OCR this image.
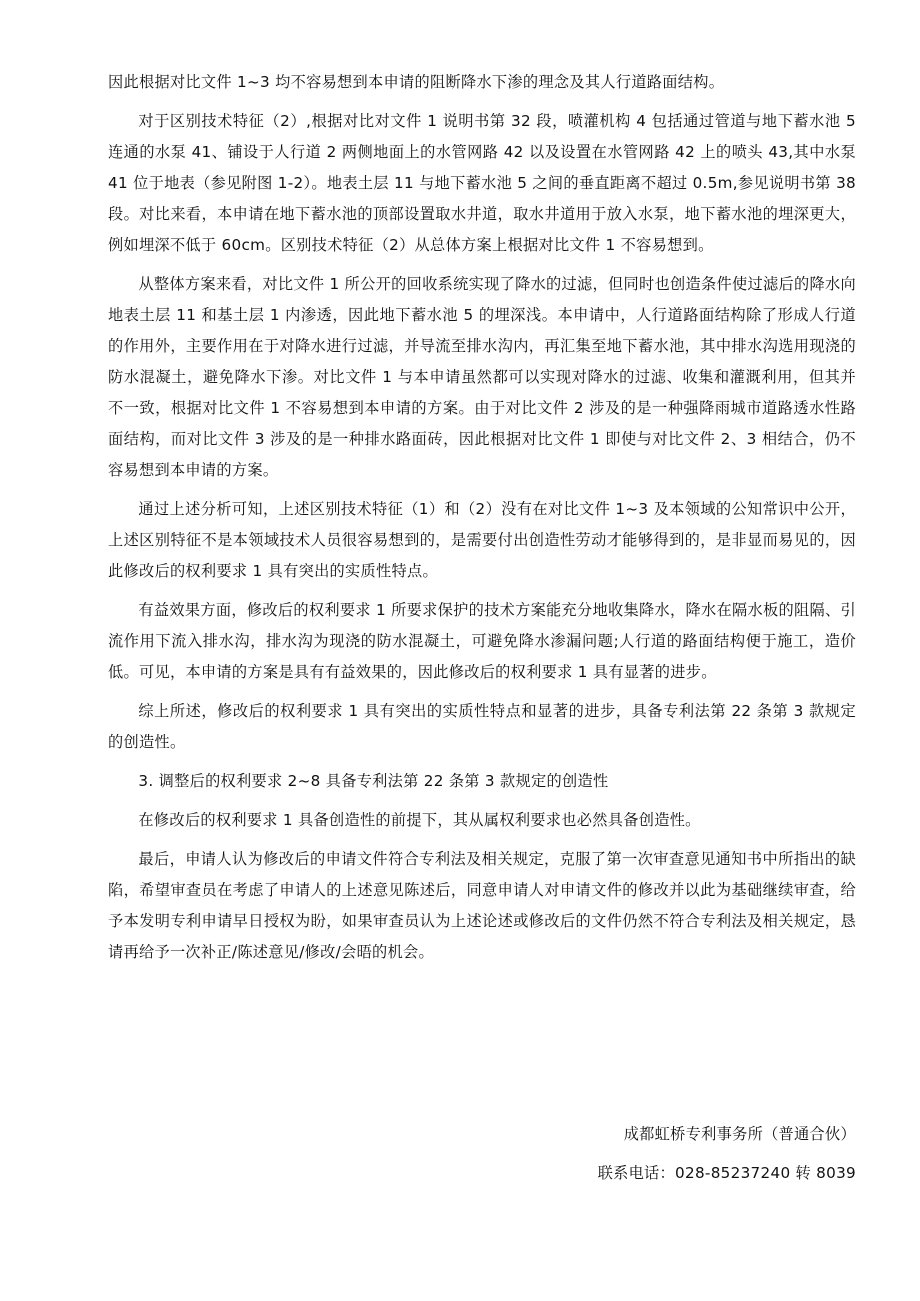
因此根据对比文件 1~3 均不容易想到本申请的阻断降水下渗的理念及其人行道路面结构。

对于区别技术特征（2）,根据对比对文件 1 说明书第 32 段，喷灌机构 4 包括通过管道与地下蓄水池 5 连通的水泵 41、铺设于人行道 2 两侧地面上的水管网路 42 以及设置在水管网路 42 上的喷头 43,其中水泵 41 位于地表（参见附图 1-2）。地表土层 11 与地下蓄水池 5 之间的垂直距离不超过 0.5m,参见说明书第 38 段。对比来看，本申请在地下蓄水池的顶部设置取水井道，取水井道用于放入水泵，地下蓄水池的埋深更大，例如埋深不低于 60cm。区别技术特征（2）从总体方案上根据对比文件 1 不容易想到。

从整体方案来看，对比文件 1 所公开的回收系统实现了降水的过滤，但同时也创造条件使过滤后的降水向地表土层 11 和基土层 1 内渗透，因此地下蓄水池 5 的埋深浅。本申请中，人行道路面结构除了形成人行道的作用外，主要作用在于对降水进行过滤，并导流至排水沟内，再汇集至地下蓄水池，其中排水沟选用现浇的防水混凝土，避免降水下渗。对比文件 1 与本申请虽然都可以实现对降水的过滤、收集和灌溉利用，但其并不一致，根据对比文件 1 不容易想到本申请的方案。由于对比文件 2 涉及的是一种强降雨城市道路透水性路面结构，而对比文件 3 涉及的是一种排水路面砖，因此根据对比文件 1 即使与对比文件 2、3 相结合，仍不容易想到本申请的方案。

通过上述分析可知，上述区别技术特征（1）和（2）没有在对比文件 1~3 及本领域的公知常识中公开，上述区别特征不是本领域技术人员很容易想到的，是需要付出创造性劳动才能够得到的，是非显而易见的，因此修改后的权利要求 1 具有突出的实质性特点。

有益效果方面，修改后的权利要求 1 所要求保护的技术方案能充分地收集降水，降水在隔水板的阻隔、引流作用下流入排水沟，排水沟为现浇的防水混凝土，可避免降水渗漏问题;人行道的路面结构便于施工，造价低。可见，本申请的方案是具有有益效果的，因此修改后的权利要求 1 具有显著的进步。

综上所述，修改后的权利要求 1 具有突出的实质性特点和显著的进步，具备专利法第 22 条第 3 款规定的创造性。

3. 调整后的权利要求 2~8 具备专利法第 22 条第 3 款规定的创造性

在修改后的权利要求 1 具备创造性的前提下，其从属权利要求也必然具备创造性。

最后，申请人认为修改后的申请文件符合专利法及相关规定，克服了第一次审查意见通知书中所指出的缺陷，希望审查员在考虑了申请人的上述意见陈述后，同意申请人对申请文件的修改并以此为基础继续审查，给予本发明专利申请早日授权为盼，如果审查员认为上述论述或修改后的文件仍然不符合专利法及相关规定，恳请再给予一次补正/陈述意见/修改/会晤的机会。

成都虹桥专利事务所（普通合伙）
联系电话：028-85237240 转 8039
